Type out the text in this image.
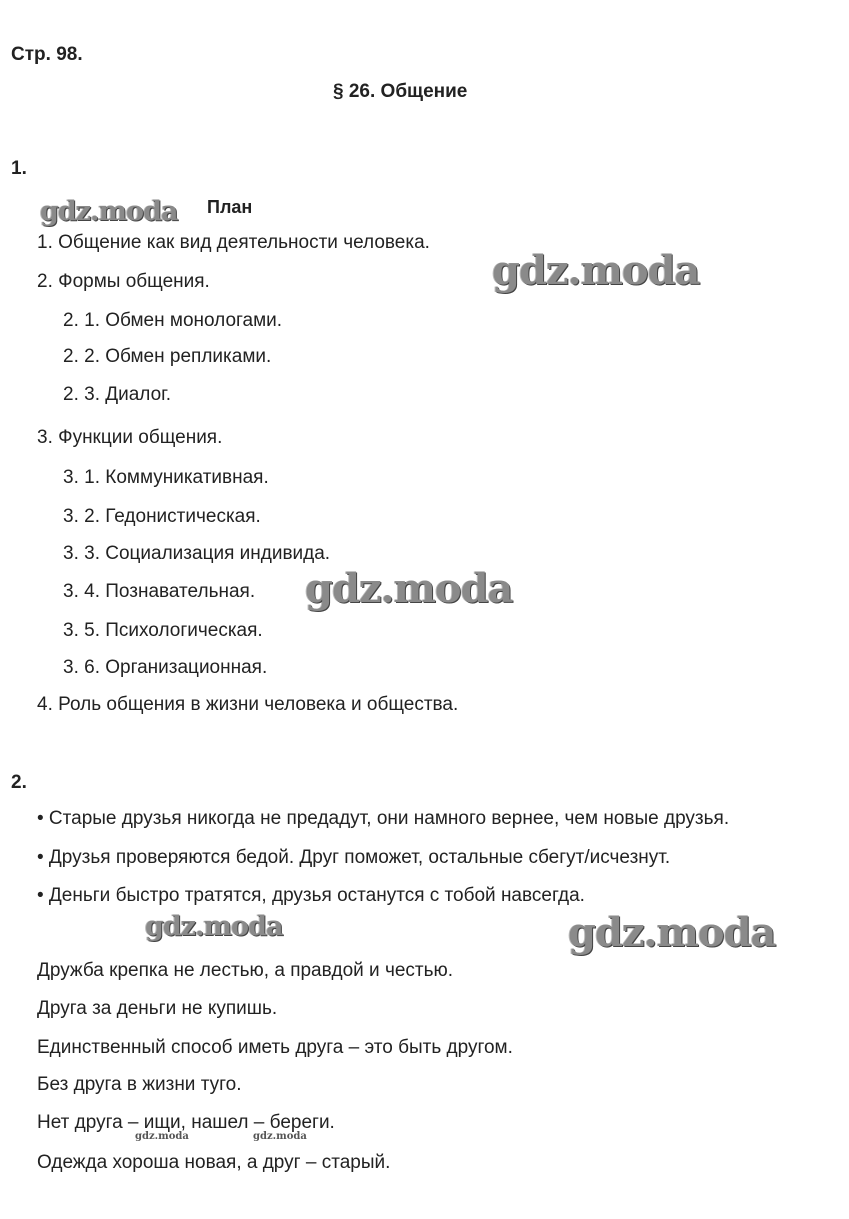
Стр. 98.
§ 26. Общение
1.
План
1. Общение как вид деятельности человека.
2. Формы общения.
2. 1. Обмен монологами.
2. 2. Обмен репликами.
2. 3. Диалог.
3. Функции общения.
3. 1. Коммуникативная.
3. 2. Гедонистическая.
3. 3. Социализация индивида.
3. 4. Познавательная.
3. 5. Психологическая.
3. 6. Организационная.
4. Роль общения в жизни человека и общества.
2.
• Старые друзья никогда не предадут, они намного вернее, чем новые друзья.
• Друзья проверяются бедой. Друг поможет, остальные сбегут/исчезнут.
• Деньги быстро тратятся, друзья останутся с тобой навсегда.
Дружба крепка не лестью, а правдой и честью.
Друга за деньги не купишь.
Единственный способ иметь друга – это быть другом.
Без друга в жизни туго.
Нет друга – ищи, нашел – береги.
Одежда хороша новая, а друг – старый.
gdz.moda
gdz.moda
gdz.moda
gdz.moda	gdz.moda
gdz.moda	gdz.moda
